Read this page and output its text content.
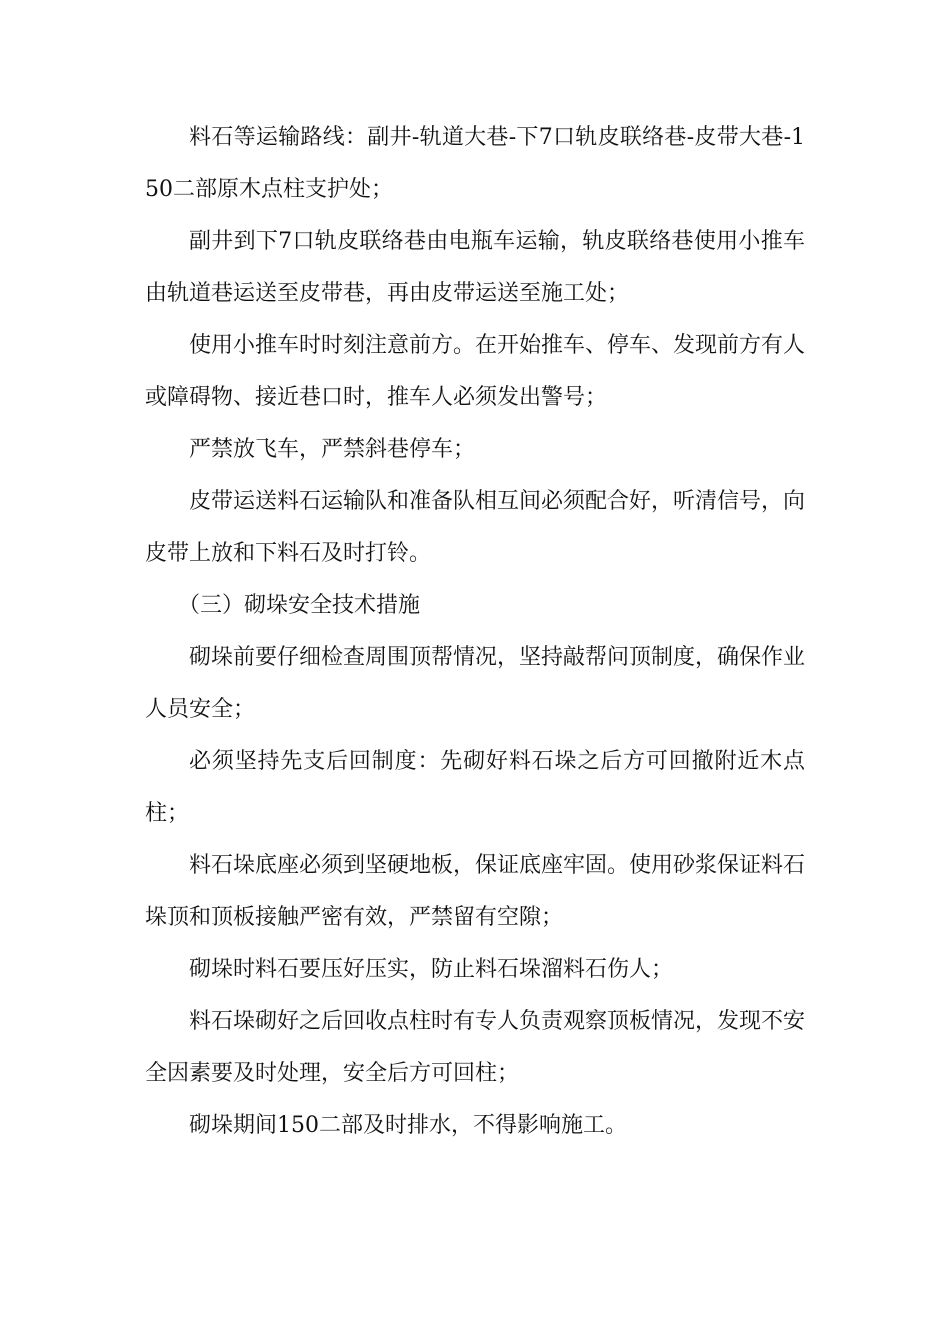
料石等运输路线：副井-轨道大巷-下7口轨皮联络巷-皮带大巷-150二部原木点柱支护处；

副井到下7口轨皮联络巷由电瓶车运输，轨皮联络巷使用小推车由轨道巷运送至皮带巷，再由皮带运送至施工处；

使用小推车时时刻注意前方。在开始推车、停车、发现前方有人或障碍物、接近巷口时，推车人必须发出警号；

严禁放飞车，严禁斜巷停车；

皮带运送料石运输队和准备队相互间必须配合好，听清信号，向皮带上放和下料石及时打铃。

（三）砌垛安全技术措施

砌垛前要仔细检查周围顶帮情况，坚持敲帮问顶制度，确保作业人员安全；

必须坚持先支后回制度：先砌好料石垛之后方可回撤附近木点柱；

料石垛底座必须到坚硬地板，保证底座牢固。使用砂浆保证料石垛顶和顶板接触严密有效，严禁留有空隙；

砌垛时料石要压好压实，防止料石垛溜料石伤人；

料石垛砌好之后回收点柱时有专人负责观察顶板情况，发现不安全因素要及时处理，安全后方可回柱；

砌垛期间150二部及时排水，不得影响施工。
